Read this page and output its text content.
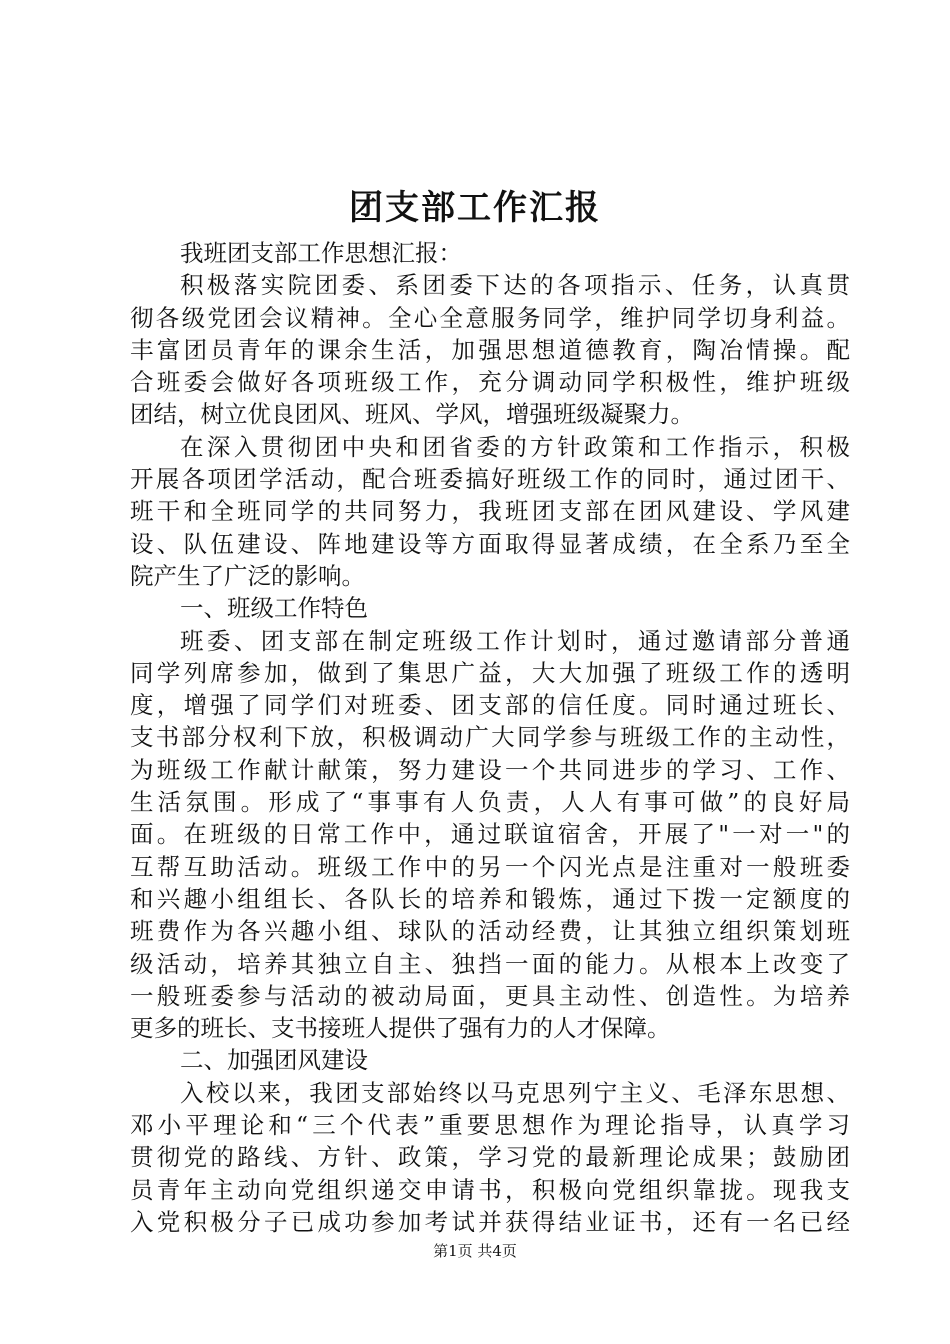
团支部工作汇报
我班团支部工作思想汇报：
积极落实院团委、系团委下达的各项指示、任务，认真贯
彻各级党团会议精神。全心全意服务同学，维护同学切身利益。
丰富团员青年的课余生活，加强思想道德教育，陶冶情操。配
合班委会做好各项班级工作，充分调动同学积极性，维护班级
团结，树立优良团风、班风、学风，增强班级凝聚力。
在深入贯彻团中央和团省委的方针政策和工作指示，积极
开展各项团学活动，配合班委搞好班级工作的同时，通过团干、
班干和全班同学的共同努力，我班团支部在团风建设、学风建
设、队伍建设、阵地建设等方面取得显著成绩，在全系乃至全
院产生了广泛的影响。
一、班级工作特色
班委、团支部在制定班级工作计划时，通过邀请部分普通
同学列席参加，做到了集思广益，大大加强了班级工作的透明
度，增强了同学们对班委、团支部的信任度。同时通过班长、
支书部分权利下放，积极调动广大同学参与班级工作的主动性，
为班级工作献计献策，努力建设一个共同进步的学习、工作、
生活氛围。形成了“事事有人负责，人人有事可做”的良好局
面。在班级的日常工作中，通过联谊宿舍，开展了"一对一"的
互帮互助活动。班级工作中的另一个闪光点是注重对一般班委
和兴趣小组组长、各队长的培养和锻炼，通过下拨一定额度的
班费作为各兴趣小组、球队的活动经费，让其独立组织策划班
级活动，培养其独立自主、独挡一面的能力。从根本上改变了
一般班委参与活动的被动局面，更具主动性、创造性。为培养
更多的班长、支书接班人提供了强有力的人才保障。
二、加强团风建设
入校以来，我团支部始终以马克思列宁主义、毛泽东思想、
邓小平理论和“三个代表”重要思想作为理论指导，认真学习
贯彻党的路线、方针、政策，学习党的最新理论成果；鼓励团
员青年主动向党组织递交申请书，积极向党组织靠拢。现我支
入党积极分子已成功参加考试并获得结业证书，还有一名已经
第1页 共4页
